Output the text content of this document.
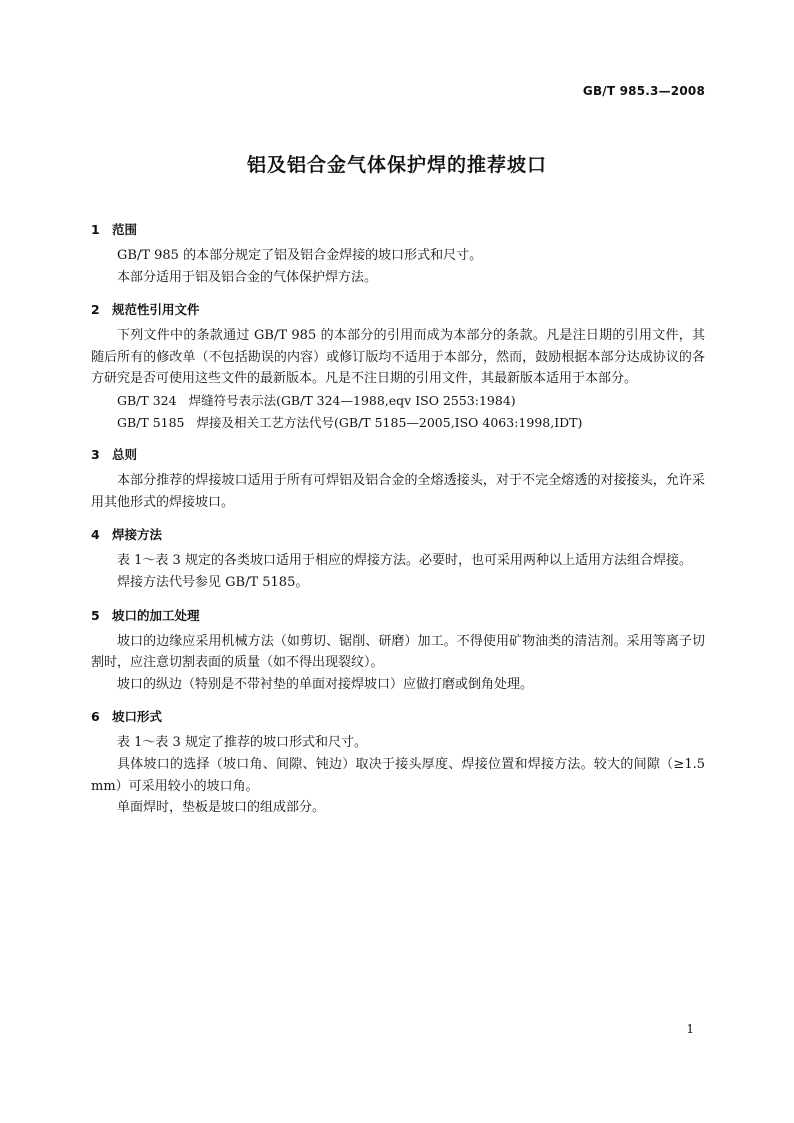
GB/T 985.3—2008
铝及铝合金气体保护焊的推荐坡口
1 范围

GB/T 985 的本部分规定了铝及铝合金焊接的坡口形式和尺寸。

本部分适用于铝及铝合金的气体保护焊方法。

2 规范性引用文件

下列文件中的条款通过 GB/T 985 的本部分的引用而成为本部分的条款。凡是注日期的引用文件，其随后所有的修改单（不包括勘误的内容）或修订版均不适用于本部分，然而，鼓励根据本部分达成协议的各方研究是否可使用这些文件的最新版本。凡是不注日期的引用文件，其最新版本适用于本部分。

GB/T 324 焊缝符号表示法(GB/T 324—1988,eqv ISO 2553:1984)
GB/T 5185 焊接及相关工艺方法代号(GB/T 5185—2005,ISO 4063:1998,IDT)
3 总则

本部分推荐的焊接坡口适用于所有可焊铝及铝合金的全熔透接头，对于不完全熔透的对接接头，允许采用其他形式的焊接坡口。

4 焊接方法

表 1～表 3 规定的各类坡口适用于相应的焊接方法。必要时，也可采用两种以上适用方法组合焊接。

焊接方法代号参见 GB/T 5185。

5 坡口的加工处理

坡口的边缘应采用机械方法（如剪切、锯削、研磨）加工。不得使用矿物油类的清洁剂。采用等离子切割时，应注意切割表面的质量（如不得出现裂纹）。

坡口的纵边（特别是不带衬垫的单面对接焊坡口）应做打磨或倒角处理。

6 坡口形式

表 1～表 3 规定了推荐的坡口形式和尺寸。

具体坡口的选择（坡口角、间隙、钝边）取决于接头厚度、焊接位置和焊接方法。较大的间隙（≥1.5 mm）可采用较小的坡口角。

单面焊时，垫板是坡口的组成部分。

1
